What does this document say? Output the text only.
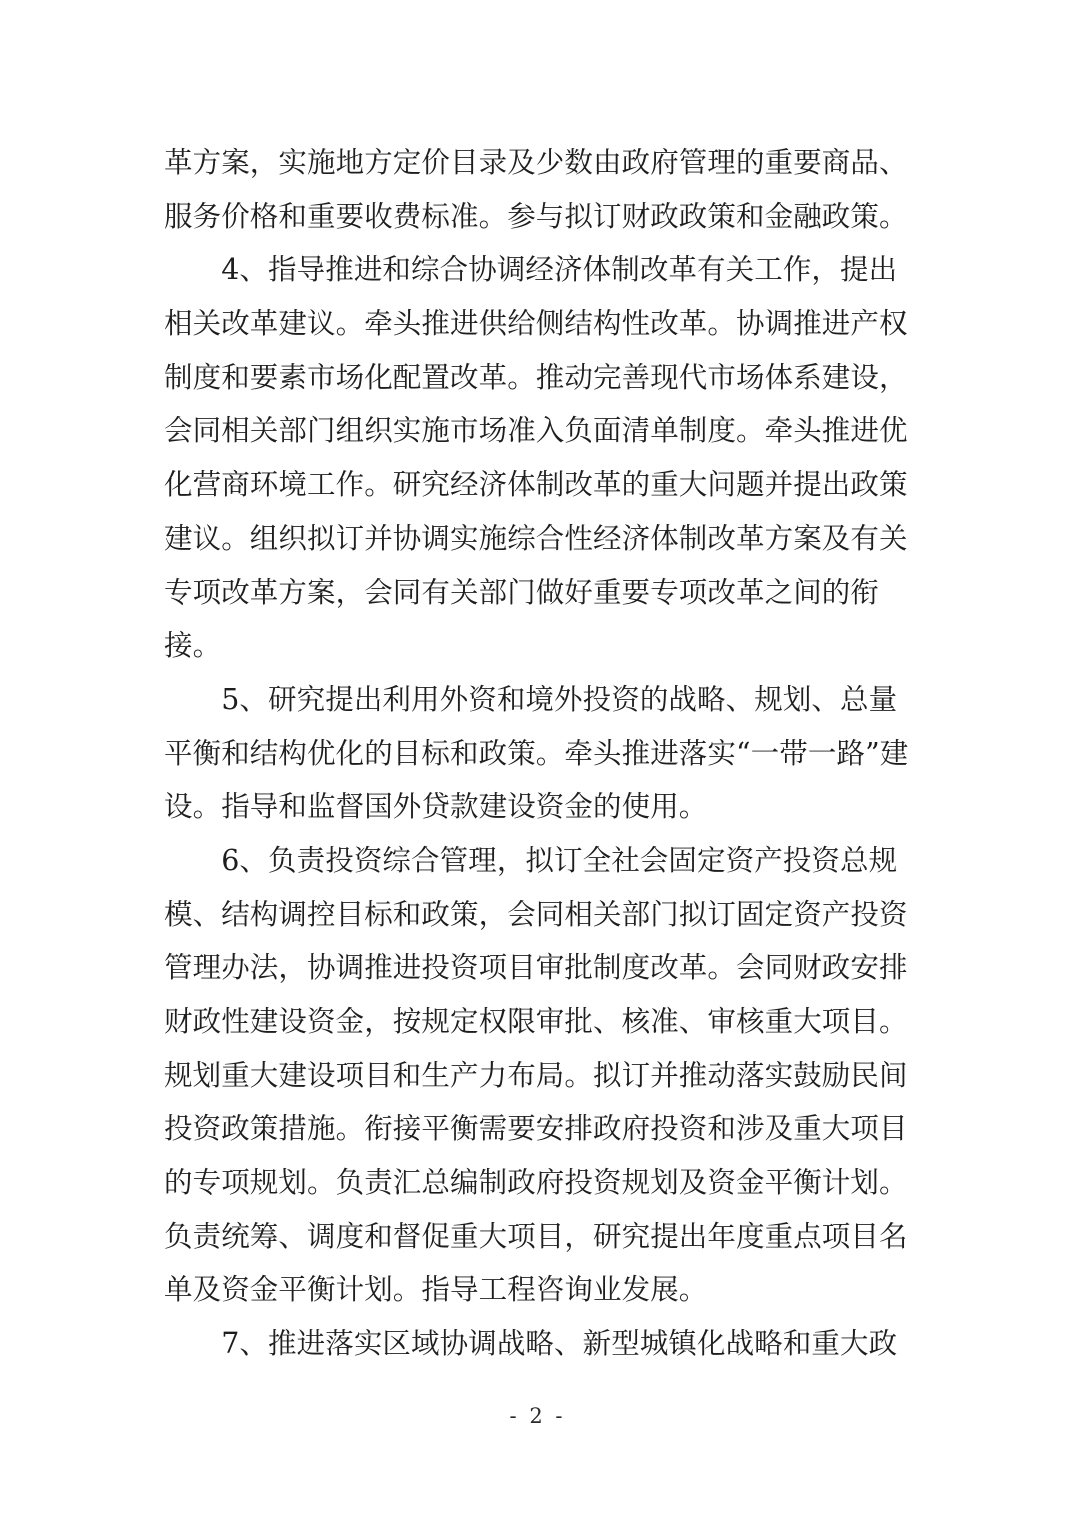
革方案，实施地方定价目录及少数由政府管理的重要商品、
服务价格和重要收费标准。参与拟订财政政策和金融政策。
　　4、指导推进和综合协调经济体制改革有关工作，提出
相关改革建议。牵头推进供给侧结构性改革。协调推进产权
制度和要素市场化配置改革。推动完善现代市场体系建设，
会同相关部门组织实施市场准入负面清单制度。牵头推进优
化营商环境工作。研究经济体制改革的重大问题并提出政策
建议。组织拟订并协调实施综合性经济体制改革方案及有关
专项改革方案，会同有关部门做好重要专项改革之间的衔
接。
　　5、研究提出利用外资和境外投资的战略、规划、总量
平衡和结构优化的目标和政策。牵头推进落实“一带一路”建
设。指导和监督国外贷款建设资金的使用。
　　6、负责投资综合管理，拟订全社会固定资产投资总规
模、结构调控目标和政策，会同相关部门拟订固定资产投资
管理办法，协调推进投资项目审批制度改革。会同财政安排
财政性建设资金，按规定权限审批、核准、审核重大项目。
规划重大建设项目和生产力布局。拟订并推动落实鼓励民间
投资政策措施。衔接平衡需要安排政府投资和涉及重大项目
的专项规划。负责汇总编制政府投资规划及资金平衡计划。
负责统筹、调度和督促重大项目，研究提出年度重点项目名
单及资金平衡计划。指导工程咨询业发展。
　　7、推进落实区域协调战略、新型城镇化战略和重大政
- 2 -
